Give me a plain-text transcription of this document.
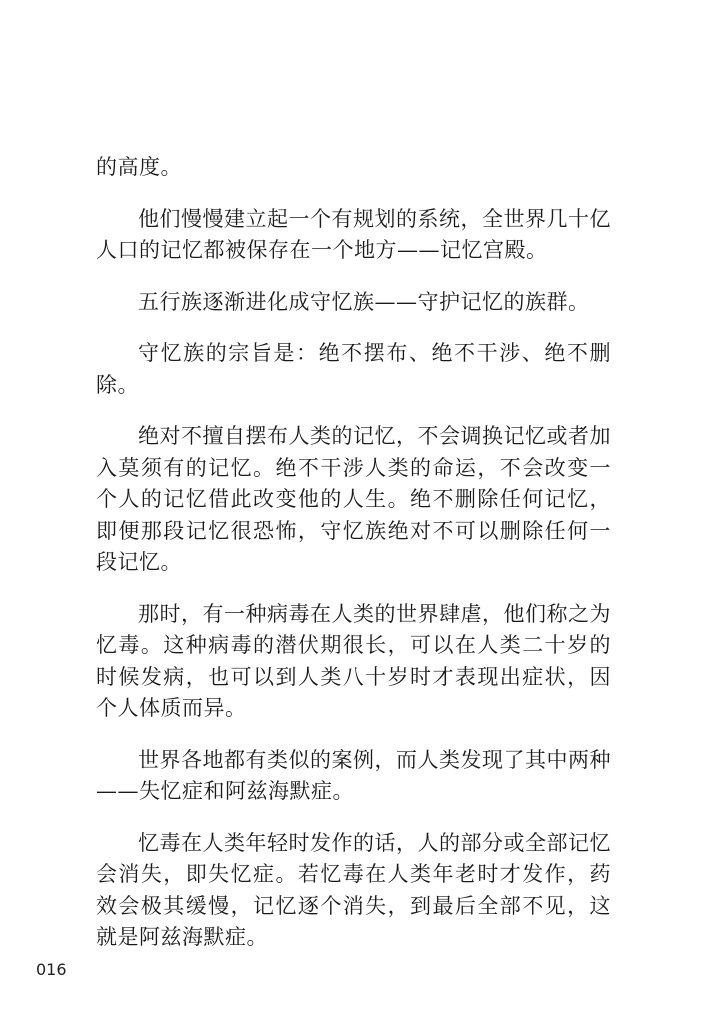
的高度。

他们慢慢建立起一个有规划的系统，全世界几十亿人口的记忆都被保存在一个地方——记忆宫殿。

五行族逐渐进化成守忆族——守护记忆的族群。

守忆族的宗旨是：绝不摆布、绝不干涉、绝不删除。

绝对不擅自摆布人类的记忆，不会调换记忆或者加入莫须有的记忆。绝不干涉人类的命运，不会改变一个人的记忆借此改变他的人生。绝不删除任何记忆，即便那段记忆很恐怖，守忆族绝对不可以删除任何一段记忆。

那时，有一种病毒在人类的世界肆虐，他们称之为忆毒。这种病毒的潜伏期很长，可以在人类二十岁的时候发病，也可以到人类八十岁时才表现出症状，因个人体质而异。

世界各地都有类似的案例，而人类发现了其中两种——失忆症和阿兹海默症。

忆毒在人类年轻时发作的话，人的部分或全部记忆会消失，即失忆症。若忆毒在人类年老时才发作，药效会极其缓慢，记忆逐个消失，到最后全部不见，这就是阿兹海默症。

016
